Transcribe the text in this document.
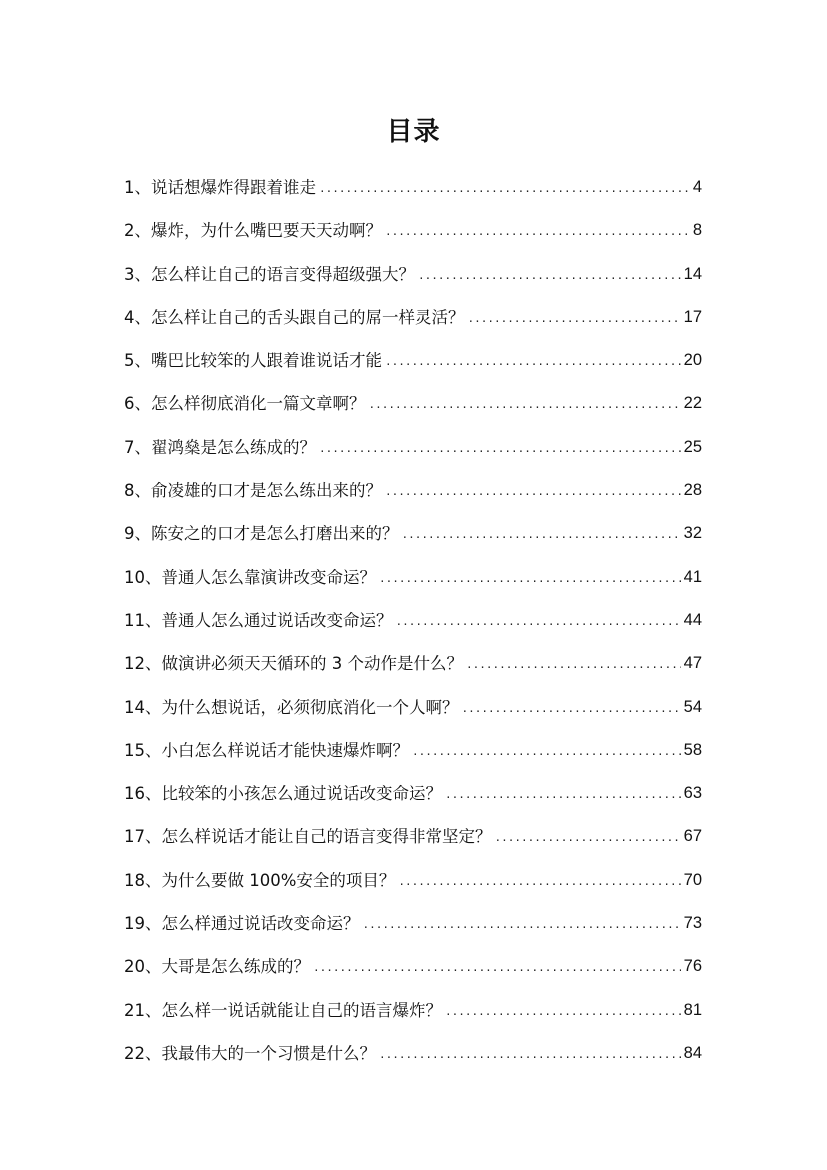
目录
1、说话想爆炸得跟着谁走 .....	4
2、爆炸，为什么嘴巴要天天动啊？ .....	8
3、怎么样让自己的语言变得超级强大？ .....	14
4、怎么样让自己的舌头跟自己的屌一样灵活？ .....	17
5、嘴巴比较笨的人跟着谁说话才能 .....	20
6、怎么样彻底消化一篇文章啊？ .....	22
7、翟鸿燊是怎么练成的？ .....	25
8、俞凌雄的口才是怎么练出来的？ .....	28
9、陈安之的口才是怎么打磨出来的？ .....	32
10、普通人怎么靠演讲改变命运？ .....	41
11、普通人怎么通过说话改变命运？ .....	44
12、做演讲必须天天循环的 3 个动作是什么？ .....	47
14、为什么想说话，必须彻底消化一个人啊？ .....	54
15、小白怎么样说话才能快速爆炸啊？ .....	58
16、比较笨的小孩怎么通过说话改变命运？ .....	63
17、怎么样说话才能让自己的语言变得非常坚定？ .....	67
18、为什么要做 100%安全的项目？ .....	70
19、怎么样通过说话改变命运？ .....	73
20、大哥是怎么练成的？ .....	76
21、怎么样一说话就能让自己的语言爆炸？ .....	81
22、我最伟大的一个习惯是什么？ .....	84
